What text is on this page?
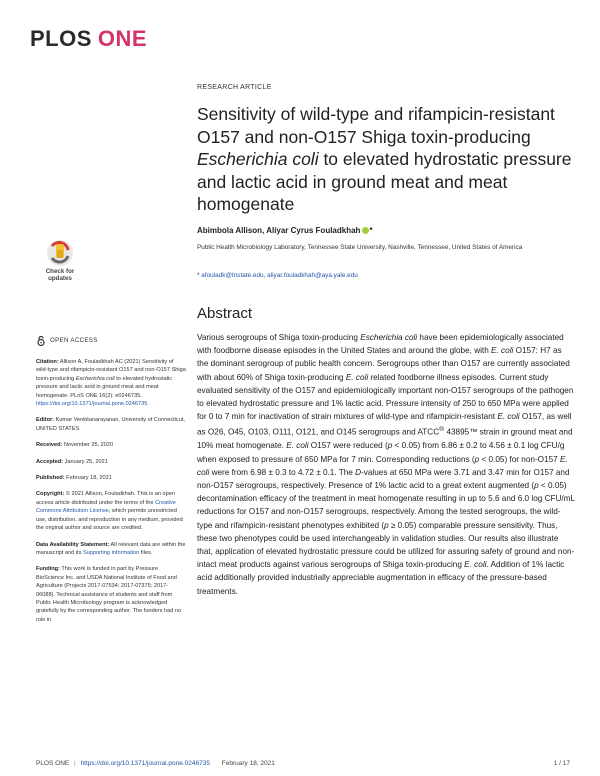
PLOS ONE
RESEARCH ARTICLE
Sensitivity of wild-type and rifampicin-resistant O157 and non-O157 Shiga toxin-producing Escherichia coli to elevated hydrostatic pressure and lactic acid in ground meat and meat homogenate
Abimbola Allison, Aliyar Cyrus Fouladkhah *
Public Health Microbiology Laboratory, Tennessee State University, Nashville, Tennessee, United States of America
* afouladk@tnstate.edu, aliyar.fouladkhah@aya.yale.edu
Check for
updates
OPEN ACCESS
Citation: Allison A, Fouladkhah AC (2021) Sensitivity of wild-type and rifampicin-resistant O157 and non-O157 Shiga toxin-producing Escherichia coli to elevated hydrostatic pressure and lactic acid in ground meat and meat homogenate. PLoS ONE 16(2): e0246735. https://doi.org/10.1371/journal.pone.0246735
Editor: Kumar Venkitanarayanan, University of Connecticut, UNITED STATES
Received: November 25, 2020
Accepted: January 25, 2021
Published: February 18, 2021
Copyright: © 2021 Allison, Fouladkhah. This is an open access article distributed under the terms of the Creative Commons Attribution License, which permits unrestricted use, distribution, and reproduction in any medium, provided the original author and source are credited.
Data Availability Statement: All relevant data are within the manuscript and its Supporting information files.
Funding: This work is funded in part by Pressure BioScience Inc. and USDA National Institute of Food and Agriculture (Projects 2017-07534; 2017-07375; 2017-06088). Technical assistance of students and staff from Public Health Microbiology program is acknowledged gratefully by the corresponding author. The funders had no role in
Abstract

Various serogroups of Shiga toxin-producing Escherichia coli have been epidemiologically associated with foodborne disease episodes in the United States and around the globe, with E. coli O157: H7 as the dominant serogroup of public health concern. Serogroups other than O157 are currently associated with about 60% of Shiga toxin-producing E. coli related foodborne illness episodes. Current study evaluated sensitivity of the O157 and epidemiologically important non-O157 serogroups of the pathogen to elevated hydrostatic pressure and 1% lactic acid. Pressure intensity of 250 to 650 MPa were applied for 0 to 7 min for inactivation of strain mixtures of wild-type and rifampicin-resistant E. coli O157, as well as O26, O45, O103, O111, O121, and O145 serogroups and ATCC® 43895™ strain in ground meat and 10% meat homogenate. E. coli O157 were reduced (p < 0.05) from 6.86 ± 0.2 to 4.56 ± 0.1 log CFU/g when exposed to pressure of 650 MPa for 7 min. Corresponding reductions (p < 0.05) for non-O157 E. coli were from 6.98 ± 0.3 to 4.72 ± 0.1. The D-values at 650 MPa were 3.71 and 3.47 min for O157 and non-O157 serogroups, respectively. Presence of 1% lactic acid to a great extent augmented (p < 0.05) decontamination efficacy of the treatment in meat homogenate resulting in up to 5.6 and 6.0 log CFU/mL reductions for O157 and non-O157 serogroups, respectively. Among the tested serogroups, the wild-type and rifampicin-resistant phenotypes exhibited (p ≥ 0.05) comparable pressure sensitivity. Thus, these two phenotypes could be used interchangeably in validation studies. Our results also illustrate that, application of elevated hydrostatic pressure could be utilized for assuring safety of ground and non-intact meat products against various serogroups of Shiga toxin-producing E. coli. Addition of 1% lactic acid additionally provided industrially appreciable augmentation in efficacy of the pressure-based treatments.

PLOS ONE | https://doi.org/10.1371/journal.pone.0246735 February 18, 2021	1 / 17
